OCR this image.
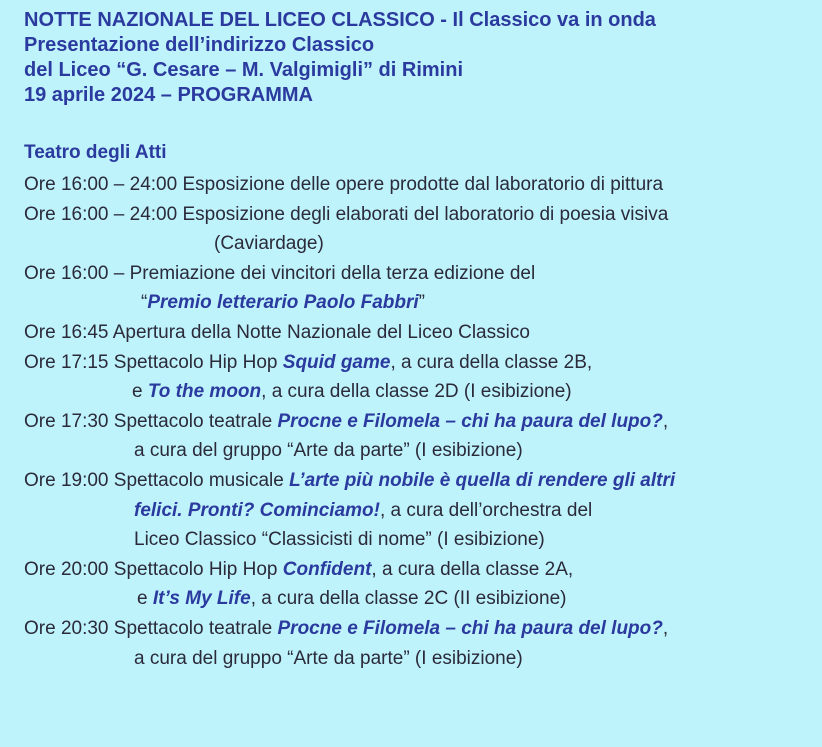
NOTTE NAZIONALE DEL LICEO CLASSICO - Il Classico va in onda
Presentazione dell’indirizzo Classico
del Liceo “G. Cesare – M. Valgimigli” di Rimini
19 aprile 2024 – PROGRAMMA
Teatro degli Atti
Ore 16:00 – 24:00 Esposizione delle opere prodotte dal laboratorio di pittura
Ore 16:00 – 24:00 Esposizione degli elaborati del laboratorio di poesia visiva
(Caviardage)
Ore 16:00 – Premiazione dei vincitori della terza edizione del
“Premio letterario Paolo Fabbri”
Ore 16:45 Apertura della Notte Nazionale del Liceo Classico
Ore 17:15 Spettacolo Hip Hop Squid game, a cura della classe 2B,
e To the moon, a cura della classe 2D (I esibizione)
Ore 17:30 Spettacolo teatrale Procne e Filomela – chi ha paura del lupo?,
a cura del gruppo “Arte da parte” (I esibizione)
Ore 19:00 Spettacolo musicale L’arte più nobile è quella di rendere gli altri
felici. Pronti? Cominciamo!, a cura dell’orchestra del
Liceo Classico “Classicisti di nome” (I esibizione)
Ore 20:00 Spettacolo Hip Hop Confident, a cura della classe 2A,
e It’s My Life, a cura della classe 2C (II esibizione)
Ore 20:30 Spettacolo teatrale Procne e Filomela – chi ha paura del lupo?,
a cura del gruppo “Arte da parte” (I esibizione)
